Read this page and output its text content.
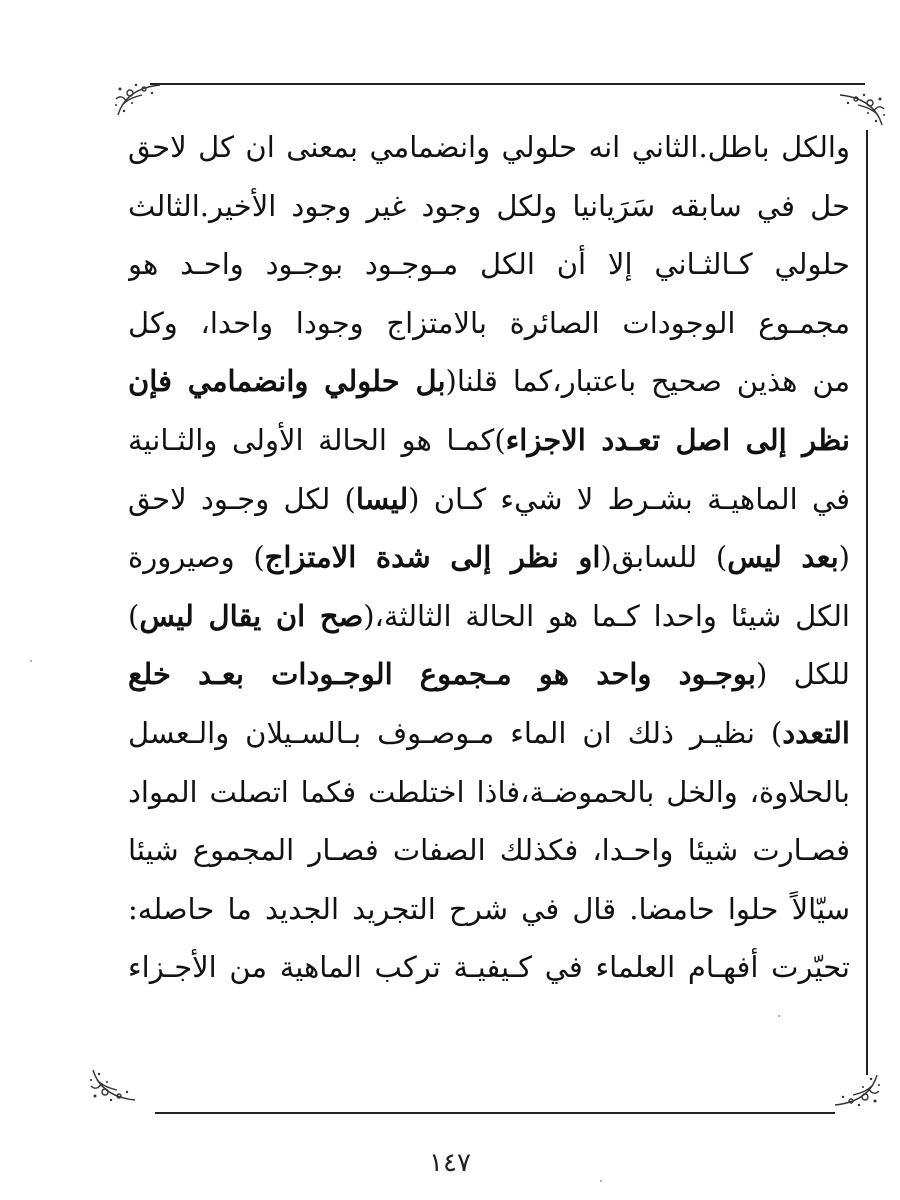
والكل باطل.الثاني انه حلولي وانضمامي بمعنى ان كل لاحق
حل في سابقه سَرَيانيا ولكل وجود غير وجود الأخير.الثالث
حلولي كـالثـاني إلا أن الكل مـوجـود بوجـود واحـد هو
مجمـوع الوجودات الصائرة بالامتزاج وجودا واحدا، وكل
من هذين صحيح باعتبار،كما قلنا(بل حلولي وانضمامي فإن
نظر إلى اصل تعـدد الاجزاء)كمـا هو الحالة الأولى والثـانية
في الماهيـة بشـرط لا شيء كـان (ليسا) لكل وجـود لاحق
(بعد ليس) للسابق(او نظر إلى شدة الامتزاج) وصيرورة
الكل شيئا واحدا كـما هو الحالة الثالثة،(صح ان يقال ليس)
للكل (بوجـود واحد هو مـجموع الوجـودات بعـد خلع
التعدد) نظيـر ذلك ان الماء مـوصـوف بـالسـيلان والـعسل
بالحلاوة، والخل بالحموضـة،فاذا اختلطت فكما اتصلت المواد
فصـارت شيئا واحـدا، فكذلك الصفات فصـار المجموع شيئا
سيّالاً حلوا حامضا. قال في شرح التجريد الجديد ما حاصله:
تحيّرت أفهـام العلماء في كـيفيـة تركب الماهية من الأجـزاء
١٤٧
